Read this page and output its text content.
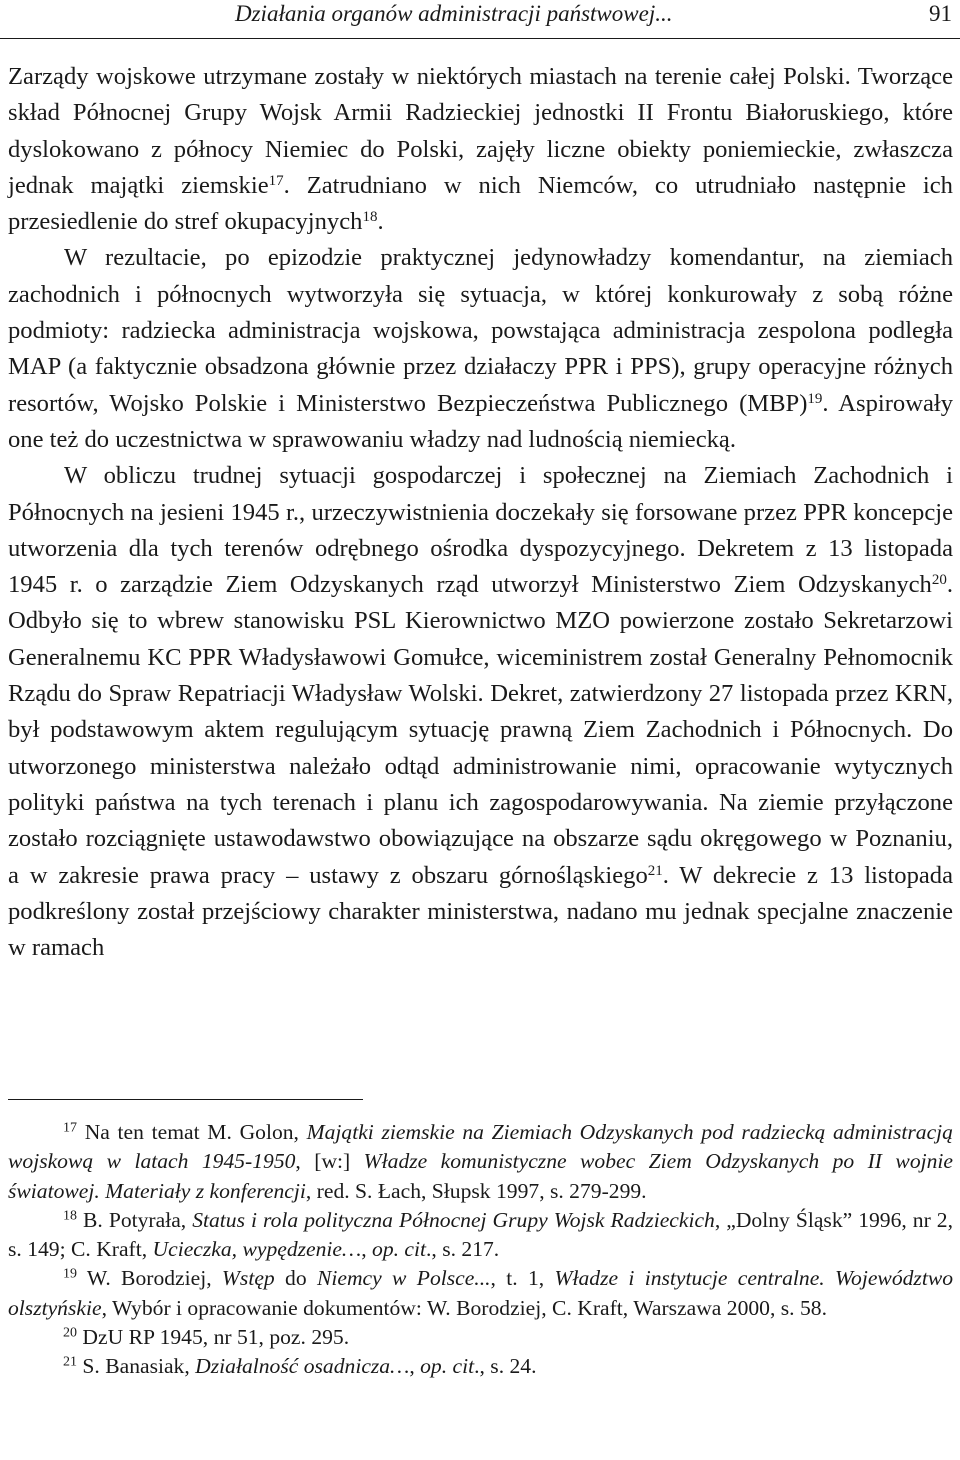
Działania organów administracji państwowej...	91

Zarządy wojskowe utrzymane zostały w niektórych miastach na terenie całej Polski. Tworzące skład Północnej Grupy Wojsk Armii Radzieckiej jednostki II Frontu Białoruskiego, które dyslokowano z północy Niemiec do Polski, zajęły liczne obiekty poniemieckie, zwłaszcza jednak majątki ziemskie$^{17}$. Zatrudniano w nich Niemców, co utrudniało następnie ich przesiedlenie do stref okupacyjnych$^{18}$.

W rezultacie, po epizodzie praktycznej jedynowładzy komendantur, na ziemiach zachodnich i północnych wytworzyła się sytuacja, w której konkurowały z sobą różne podmioty: radziecka administracja wojskowa, powstająca administracja zespolona podległa MAP (a faktycznie obsadzona głównie przez działaczy PPR i PPS), grupy operacyjne różnych resortów, Wojsko Polskie i Ministerstwo Bezpieczeństwa Publicznego (MBP)$^{19}$. Aspirowały one też do uczestnictwa w sprawowaniu władzy nad ludnością niemiecką.

W obliczu trudnej sytuacji gospodarczej i społecznej na Ziemiach Zachodnich i Północnych na jesieni 1945 r., urzeczywistnienia doczekały się forsowane przez PPR koncepcje utworzenia dla tych terenów odrębnego ośrodka dyspozycyjnego. Dekretem z 13 listopada 1945 r. o zarządzie Ziem Odzyskanych rząd utworzył Ministerstwo Ziem Odzyskanych$^{20}$. Odbyło się to wbrew stanowisku PSL Kierownictwo MZO powierzone zostało Sekretarzowi Generalnemu KC PPR Władysławowi Gomułce, wiceministrem został Generalny Pełnomocnik Rządu do Spraw Repatriacji Władysław Wolski. Dekret, zatwierdzony 27 listopada przez KRN, był podstawowym aktem regulującym sytuację prawną Ziem Zachodnich i Północnych. Do utworzonego ministerstwa należało odtąd administrowanie nimi, opracowanie wytycznych polityki państwa na tych terenach i planu ich zagospodarowywania. Na ziemie przyłączone zostało rozciągnięte ustawodawstwo obowiązujące na obszarze sądu okręgowego w Poznaniu, a w zakresie prawa pracy – ustawy z obszaru górnośląskiego$^{21}$. W dekrecie z 13 listopada podkreślony został przejściowy charakter ministerstwa, nadano mu jednak specjalne znaczenie w ramach

$^{17}$ Na ten temat M. Golon, Majątki ziemskie na Ziemiach Odzyskanych pod radziecką administracją wojskową w latach 1945-1950, [w:] Władze komunistyczne wobec Ziem Odzyskanych po II wojnie światowej. Materiały z konferencji, red. S. Łach, Słupsk 1997, s. 279-299.

$^{18}$ B. Potyrała, Status i rola polityczna Północnej Grupy Wojsk Radzieckich, „Dolny Śląsk” 1996, nr 2, s. 149; C. Kraft, Ucieczka, wypędzenie…, op. cit., s. 217.

$^{19}$ W. Borodziej, Wstęp do Niemcy w Polsce..., t. 1, Władze i instytucje centralne. Województwo olsztyńskie, Wybór i opracowanie dokumentów: W. Borodziej, C. Kraft, Warszawa 2000, s. 58.

$^{20}$ DzU RP 1945, nr 51, poz. 295.

$^{21}$ S. Banasiak, Działalność osadnicza…, op. cit., s. 24.
